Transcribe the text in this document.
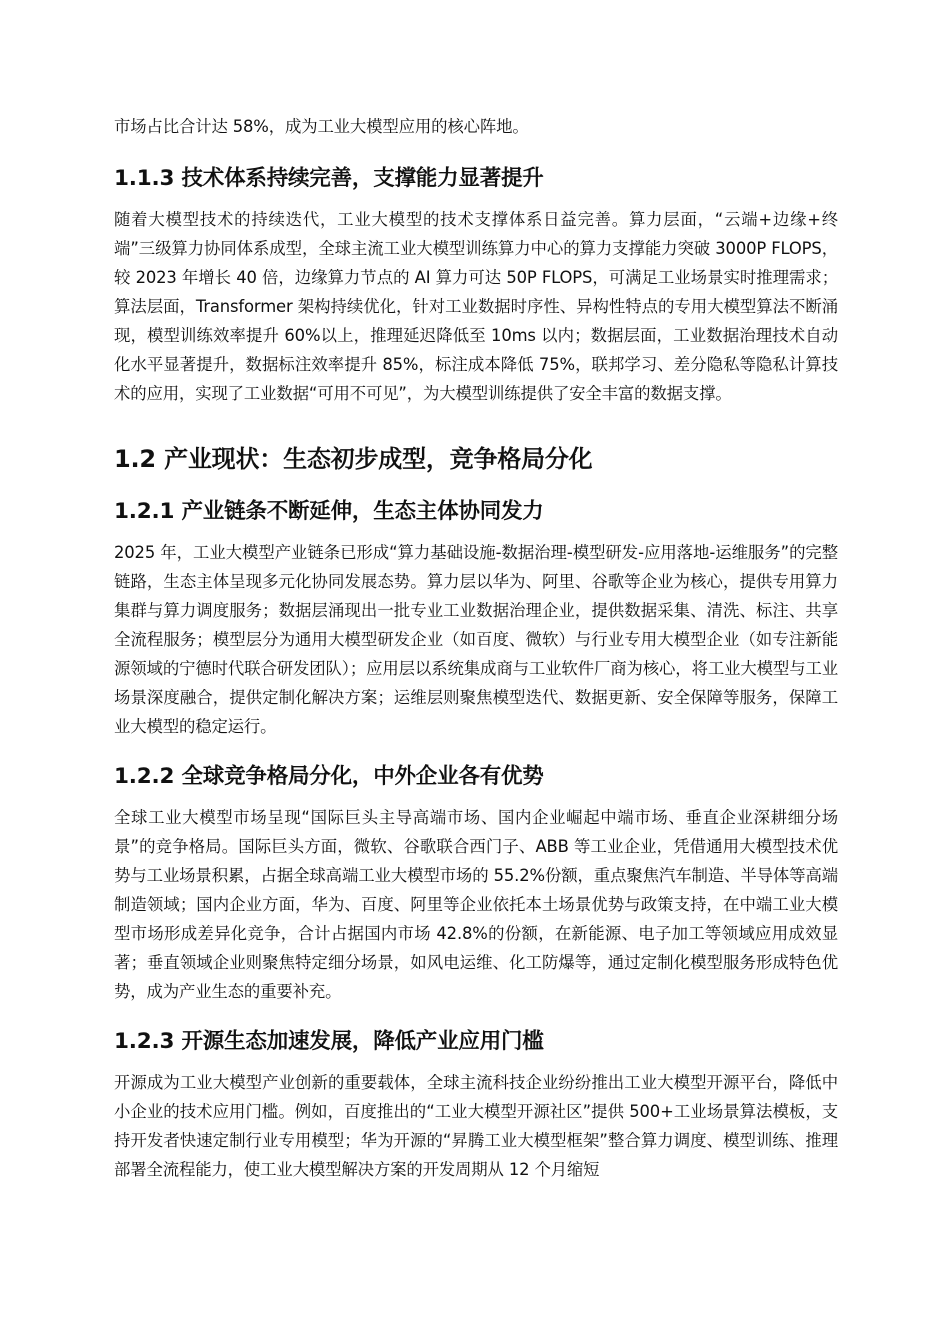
市场占比合计达 58%，成为工业大模型应用的核心阵地。

1.1.3 技术体系持续完善，支撑能力显著提升

随着大模型技术的持续迭代，工业大模型的技术支撑体系日益完善。算力层面，“云端+边缘+终端”三级算力协同体系成型，全球主流工业大模型训练算力中心的算力支撑能力突破 3000P FLOPS，较 2023 年增长 40 倍，边缘算力节点的 AI 算力可达 50P FLOPS，可满足工业场景实时推理需求；算法层面，Transformer 架构持续优化，针对工业数据时序性、异构性特点的专用大模型算法不断涌现，模型训练效率提升 60%以上，推理延迟降低至 10ms 以内；数据层面，工业数据治理技术自动化水平显著提升，数据标注效率提升 85%，标注成本降低 75%，联邦学习、差分隐私等隐私计算技术的应用，实现了工业数据“可用不可见”，为大模型训练提供了安全丰富的数据支撑。

1.2 产业现状：生态初步成型，竞争格局分化
1.2.1 产业链条不断延伸，生态主体协同发力

2025 年，工业大模型产业链条已形成“算力基础设施-数据治理-模型研发-应用落地-运维服务”的完整链路，生态主体呈现多元化协同发展态势。算力层以华为、阿里、谷歌等企业为核心，提供专用算力集群与算力调度服务；数据层涌现出一批专业工业数据治理企业，提供数据采集、清洗、标注、共享全流程服务；模型层分为通用大模型研发企业（如百度、微软）与行业专用大模型企业（如专注新能源领域的宁德时代联合研发团队）；应用层以系统集成商与工业软件厂商为核心，将工业大模型与工业场景深度融合，提供定制化解决方案；运维层则聚焦模型迭代、数据更新、安全保障等服务，保障工业大模型的稳定运行。

1.2.2 全球竞争格局分化，中外企业各有优势

全球工业大模型市场呈现“国际巨头主导高端市场、国内企业崛起中端市场、垂直企业深耕细分场景”的竞争格局。国际巨头方面，微软、谷歌联合西门子、ABB 等工业企业，凭借通用大模型技术优势与工业场景积累，占据全球高端工业大模型市场的 55.2%份额，重点聚焦汽车制造、半导体等高端制造领域；国内企业方面，华为、百度、阿里等企业依托本土场景优势与政策支持，在中端工业大模型市场形成差异化竞争，合计占据国内市场 42.8%的份额，在新能源、电子加工等领域应用成效显著；垂直领域企业则聚焦特定细分场景，如风电运维、化工防爆等，通过定制化模型服务形成特色优势，成为产业生态的重要补充。

1.2.3 开源生态加速发展，降低产业应用门槛

开源成为工业大模型产业创新的重要载体，全球主流科技企业纷纷推出工业大模型开源平台，降低中小企业的技术应用门槛。例如，百度推出的“工业大模型开源社区”提供 500+工业场景算法模板，支持开发者快速定制行业专用模型；华为开源的“昇腾工业大模型框架”整合算力调度、模型训练、推理部署全流程能力，使工业大模型解决方案的开发周期从 12 个月缩短
